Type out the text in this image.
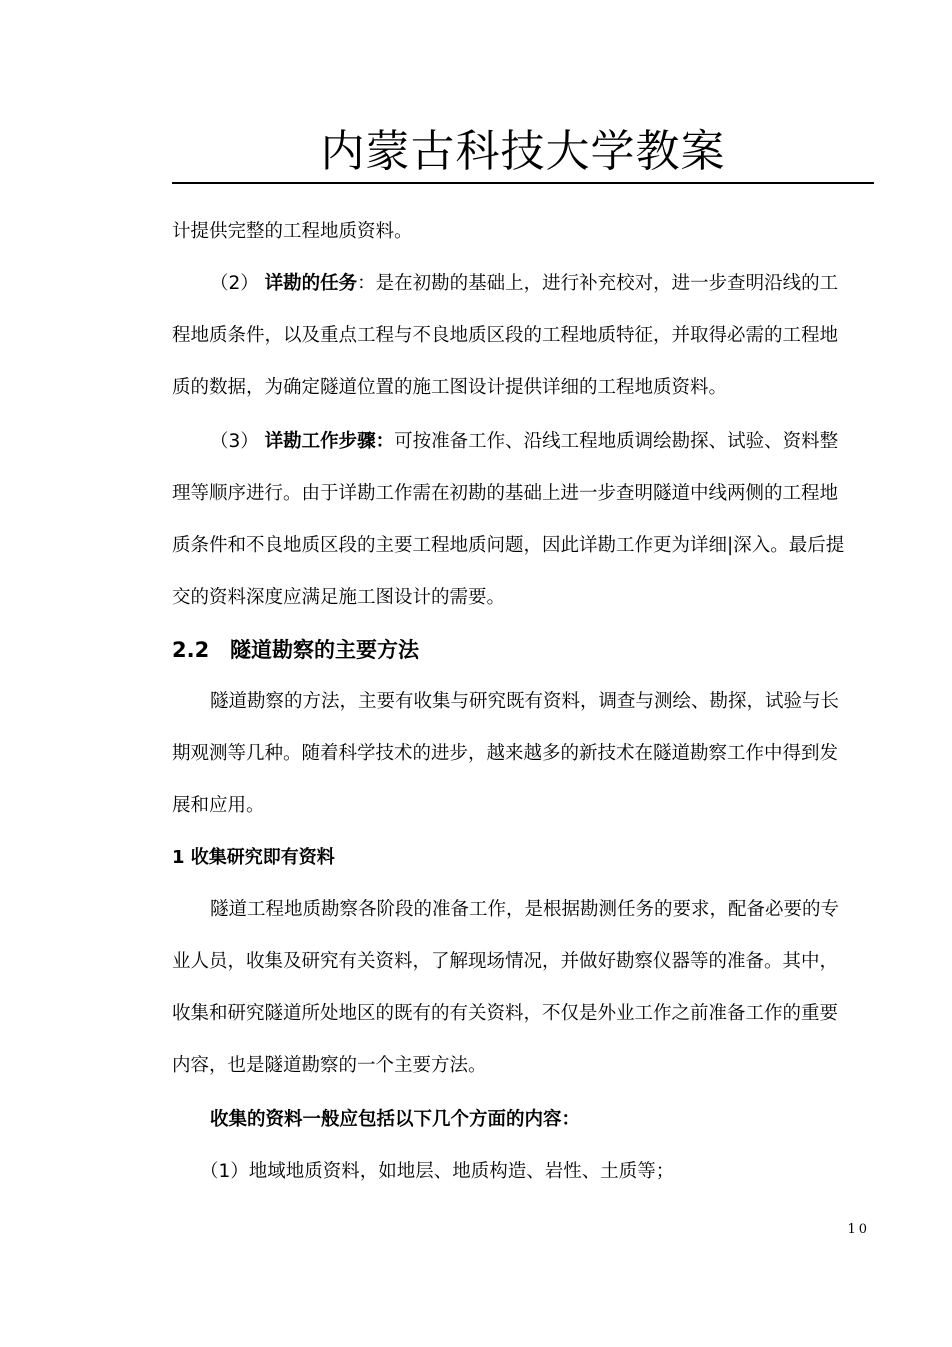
内蒙古科技大学教案
计提供完整的工程地质资料。
（2） 详勘的任务：是在初勘的基础上，进行补充校对，进一步查明沿线的工
程地质条件，以及重点工程与不良地质区段的工程地质特征，并取得必需的工程地
质的数据，为确定隧道位置的施工图设计提供详细的工程地质资料。
（3） 详勘工作步骤：可按准备工作、沿线工程地质调绘勘探、试验、资料整
理等顺序进行。由于详勘工作需在初勘的基础上进一步查明隧道中线两侧的工程地
质条件和不良地质区段的主要工程地质问题，因此详勘工作更为详细|深入。最后提
交的资料深度应满足施工图设计的需要。
2.2 隧道勘察的主要方法
隧道勘察的方法，主要有收集与研究既有资料，调查与测绘、勘探，试验与长
期观测等几种。随着科学技术的进步，越来越多的新技术在隧道勘察工作中得到发
展和应用。
1 收集研究即有资料
隧道工程地质勘察各阶段的准备工作，是根据勘测任务的要求，配备必要的专
业人员，收集及研究有关资料，了解现场情况，并做好勘察仪器等的准备。其中，
收集和研究隧道所处地区的既有的有关资料，不仅是外业工作之前准备工作的重要
内容，也是隧道勘察的一个主要方法。
收集的资料一般应包括以下几个方面的内容：
（1）地域地质资料，如地层、地质构造、岩性、土质等；
10
